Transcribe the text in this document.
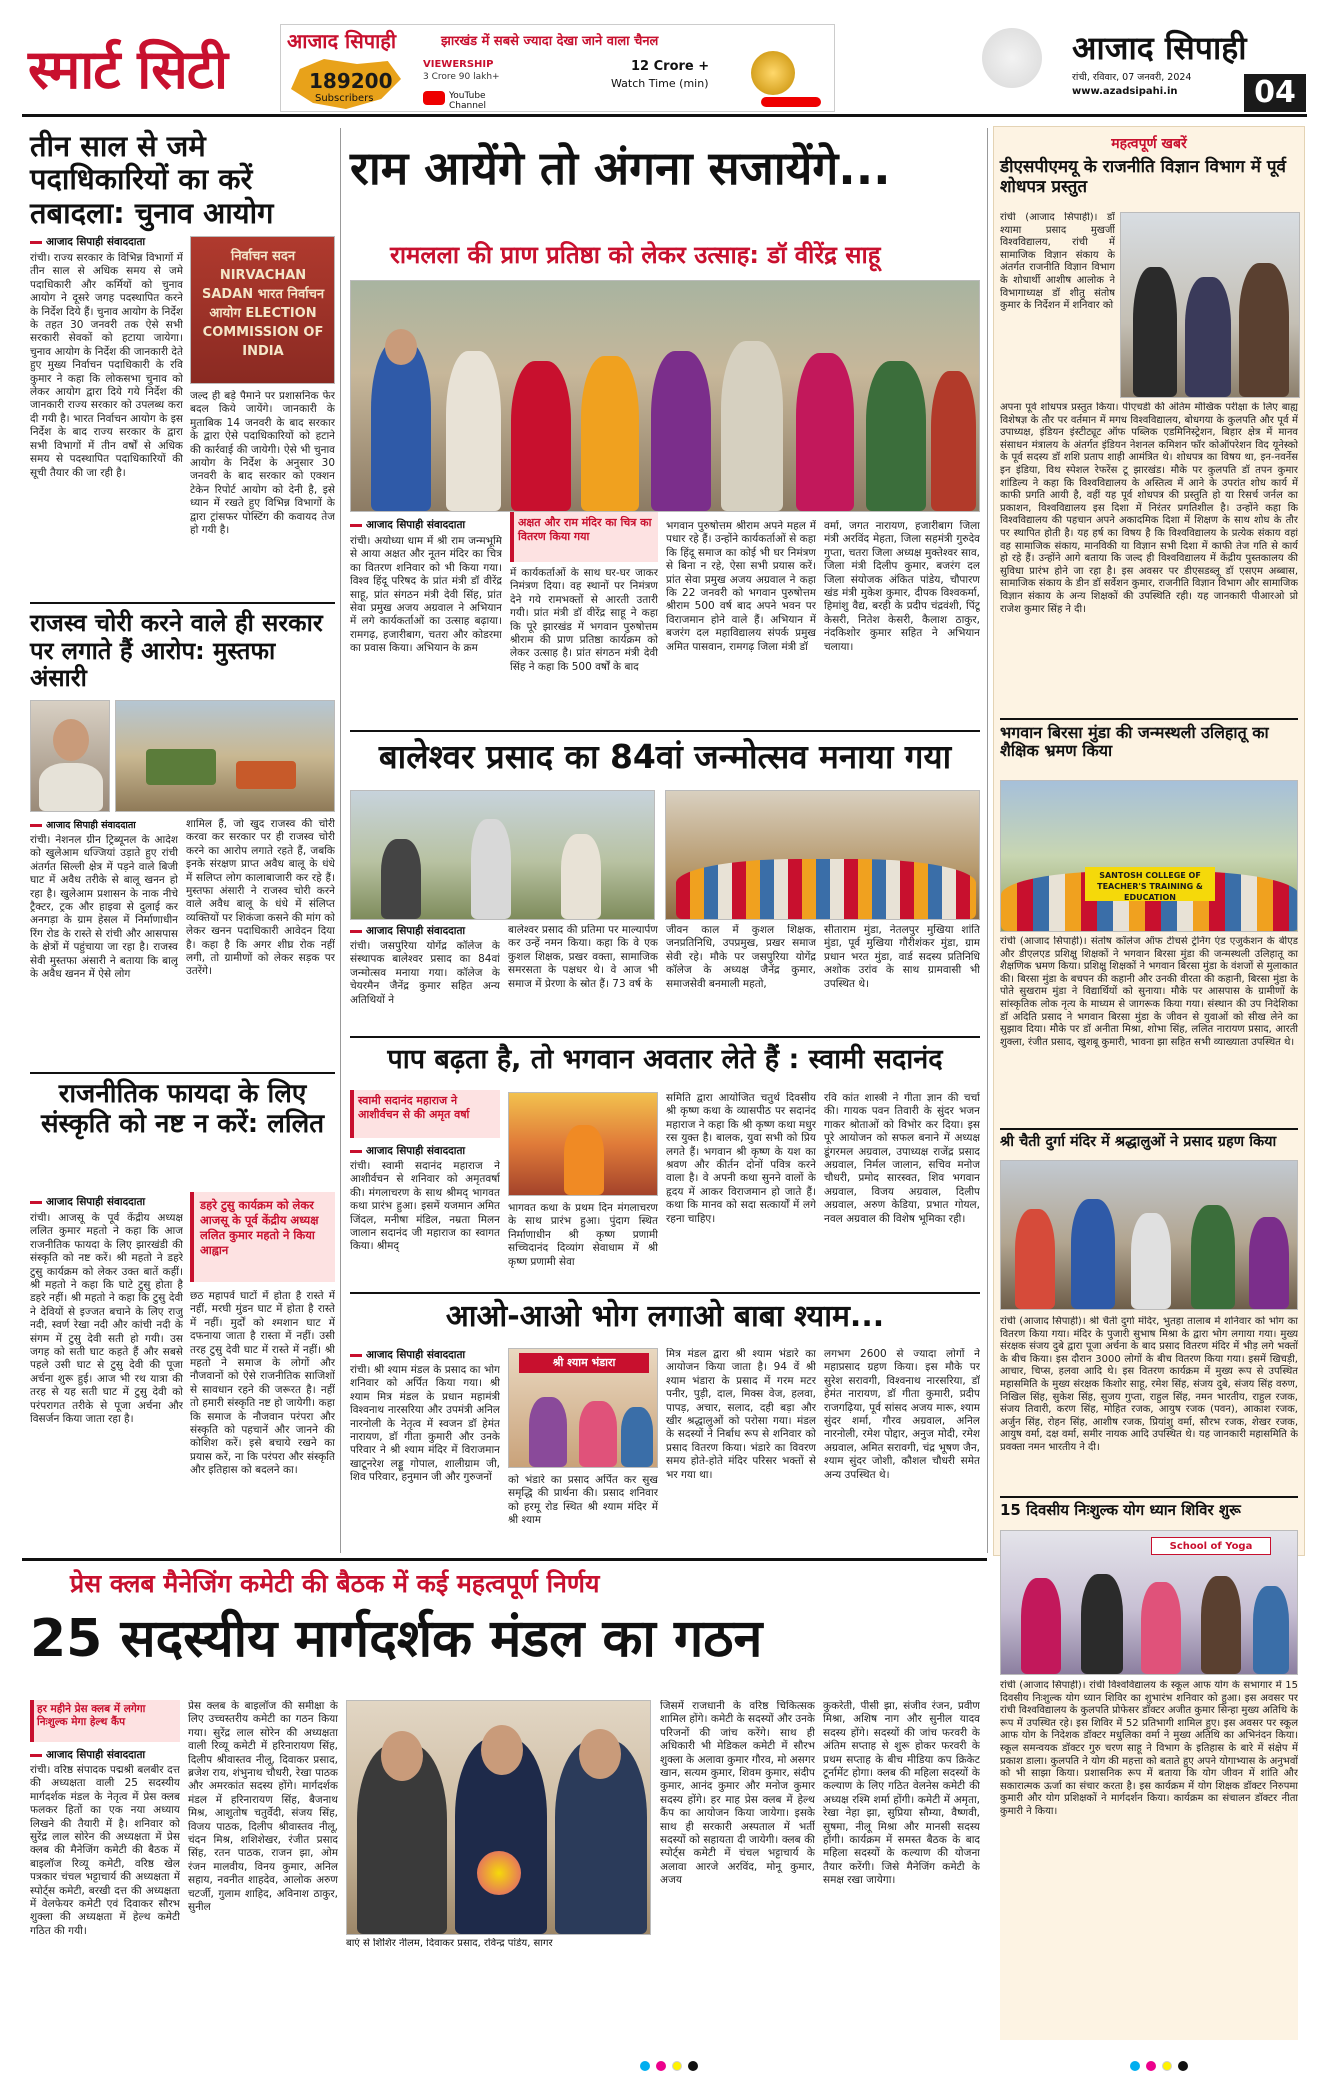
स्मार्ट सिटी	आजाद सिपाही	झारखंड में सबसे ज्यादा देखा जाने वाला चैनल
189200
Subscribers
VIEWERSHIP
3 Crore 90 lakh+
YouTube Channel
12 Crore +
Watch Time (min)
आजाद सिपाही
रांची, रविवार, 07 जनवरी, 2024
www.azadsipahi.in	04
तीन साल से जमे पदाधिकारियों का करें तबादला: चुनाव आयोग
आजाद सिपाही संवाददाता
रांची। राज्य सरकार के विभिन्न विभागों में तीन साल से अधिक समय से जमे पदाधिकारी और कर्मियों को चुनाव आयोग ने दूसरे जगह पदस्थापित करने के निर्देश दिये हैं। चुनाव आयोग के निर्देश के तहत 30 जनवरी तक ऐसे सभी सरकारी सेवकों को हटाया जायेगा। चुनाव आयोग के निर्देश की जानकारी देते हुए मुख्य निर्वाचन पदाधिकारी के रवि कुमार ने कहा कि लोकसभा चुनाव को लेकर आयोग द्वारा दिये गये निर्देश की जानकारी राज्य सरकार को उपलब्ध करा दी गयी है। भारत निर्वाचन आयोग के इस निर्देश के बाद राज्य सरकार के द्वारा सभी विभागों में तीन वर्षों से अधिक समय से पदस्थापित पदाधिकारियों की सूची तैयार की जा रही है।
निर्वाचन सदन NIRVACHAN SADAN भारत निर्वाचन आयोग ELECTION COMMISSION OF INDIA
जल्द ही बड़े पैमाने पर प्रशासनिक फेर बदल किये जायेंगे। जानकारी के मुताबिक 14 जनवरी के बाद सरकार के द्वारा ऐसे पदाधिकारियों को हटाने की कार्रवाई की जायेगी। ऐसे भी चुनाव आयोग के निर्देश के अनुसार 30 जनवरी के बाद सरकार को एक्शन टेकेन रिपोर्ट आयोग को देनी है, इसे ध्यान में रखते हुए विभिन्न विभागों के द्वारा ट्रांसफर पोस्टिंग की कवायद तेज हो गयी है।
राजस्व चोरी करने वाले ही सरकार पर लगाते हैं आरोप: मुस्तफा अंसारी
आजाद सिपाही संवाददाता
रांची। नेशनल ग्रीन ट्रिब्यूनल के आदेश को खुलेआम धज्जियां उड़ाते हुए रांची अंतर्गत सिल्ली क्षेत्र में पड़ने वाले बिजी घाट में अवैध तरीके से बालू खनन हो रहा है। खुलेआम प्रशासन के नाक नीचे ट्रैक्टर, ट्रक और हाइवा से दुलाई कर अनगड़ा के ग्राम हेसल में निर्माणाधीन रिंग रोड के रास्ते से रांची और आसपास के क्षेत्रों में पहुंचाया जा रहा है। राजस्व सेवी मुस्तफा अंसारी ने बताया कि बालू के अवैध खनन में ऐसे लोग
शामिल हैं, जो खुद राजस्व की चोरी करवा कर सरकार पर ही राजस्व चोरी करने का आरोप लगाते रहते हैं, जबकि इनके संरक्षण प्राप्त अवैध बालू के धंधे में सलिप्त लोग कालाबाजारी कर रहे हैं। मुस्तफा अंसारी ने राजस्व चोरी करने वाले अवैध बालू के धंधे में संलिप्त व्यक्तियों पर शिकंजा कसने की मांग को लेकर खनन पदाधिकारी आवेदन दिया है। कहा है कि अगर शीघ्र रोक नहीं लगी, तो ग्रामीणों को लेकर सड़क पर उतरेंगे।
राजनीतिक फायदा के लिए संस्कृति को नष्ट न करें: ललित
आजाद सिपाही संवाददाता
रांची। आजसू के पूर्व केंद्रीय अध्यक्ष ललित कुमार महतो ने कहा कि आज राजनीतिक फायदा के लिए झारखंडी की संस्कृति को नष्ट करें। श्री महतो ने डहरे टुसु कार्यक्रम को लेकर उक्त बातें कहीं। श्री महतो ने कहा कि घाटे टुसु होता है डहरे नहीं। श्री महतो ने कहा कि टुसु देवी ने देवियों से इज्जत बचाने के लिए राजु नदी, स्वर्ण रेखा नदी और कांची नदी के संगम में टुसु देवी सती हो गयी। उस जगह को सती घाट कहते हैं और सबसे पहले उसी घाट से टुसु देवी की पूजा अर्चना शुरू हुई। आज भी रथ यात्रा की तरह से यह सती घाट में टुसु देवी को परंपरागत तरीके से पूजा अर्चना और विसर्जन किया जाता रहा है।
डहरे टुसु कार्यक्रम को लेकर आजसू के पूर्व केंद्रीय अध्यक्ष ललित कुमार महतो ने किया आह्वान
छठ महापर्व घाटों में होता है रास्ते में नहीं, मरघी मुंडन घाट में होता है रास्ते में नहीं। मुर्दों को श्मशान घाट में दफनाया जाता है रास्ता में नहीं। उसी तरह टुसु देवी घाट में रास्ते में नहीं। श्री महतो ने समाज के लोगों और नौजवानों को ऐसे राजनीतिक साजिशों से सावधान रहने की जरूरत है। नहीं तो हमारी संस्कृति नष्ट हो जायेगी। कहा कि समाज के नौजवान परंपरा और संस्कृति को पहचानें और जानने की कोशिश करें। इसे बचाये रखने का प्रयास करें, ना कि परंपरा और संस्कृति और इतिहास को बदलने का।
राम आयेंगे तो अंगना सजायेंगे...
रामलला की प्राण प्रतिष्ठा को लेकर उत्साह: डॉ वीरेंद्र साहू
आजाद सिपाही संवाददाता	अक्षत और राम मंदिर का चित्र का वितरण किया गया
रांची। अयोध्या धाम में श्री राम जन्मभूमि से आया अक्षत और नूतन मंदिर का चित्र का वितरण शनिवार को भी किया गया। विश्व हिंदू परिषद के प्रांत मंत्री डॉ वीरेंद्र साहू, प्रांत संगठन मंत्री देवी सिंह, प्रांत सेवा प्रमुख अजय अग्रवाल ने अभियान में लगे कार्यकर्ताओं का उत्साह बढ़ाया। रामगढ़, हजारीबाग, चतरा और कोडरमा का प्रवास किया। अभियान के क्रम
में कार्यकर्ताओं के साथ घर-घर जाकर निमंत्रण दिया। वह स्थानों पर निमंत्रण देने गये रामभक्तों से आरती उतारी गयी। प्रांत मंत्री डॉ वीरेंद्र साहू ने कहा कि पूरे झारखंड में भगवान पुरुषोत्तम श्रीराम की प्राण प्रतिष्ठा कार्यक्रम को लेकर उत्साह है। प्रांत संगठन मंत्री देवी सिंह ने कहा कि 500 वर्षों के बाद
भगवान पुरुषोत्तम श्रीराम अपने महल में पधार रहे हैं। उन्होंने कार्यकर्ताओं से कहा कि हिंदू समाज का कोई भी घर निमंत्रण से बिना न रहे, ऐसा सभी प्रयास करें। प्रांत सेवा प्रमुख अजय अग्रवाल ने कहा कि 22 जनवरी को भगवान पुरुषोत्तम श्रीराम 500 वर्ष बाद अपने भवन पर विराजमान होने वाले हैं। अभियान में बजरंग दल महाविद्यालय संपर्क प्रमुख अमित पासवान, रामगढ़ जिला मंत्री डॉ
वर्मा, जगत नारायण, हजारीबाग जिला मंत्री अरविंद मेहता, जिला सहमंत्री गुरुदेव गुप्ता, चतरा जिला अध्यक्ष मुक्तेश्वर साव, जिला मंत्री दिलीप कुमार, बजरंग दल जिला संयोजक अंकित पांडेय, चौपारण खंड मंत्री मुकेश कुमार, दीपक विश्वकर्मा, हिमांशु वैद्य, बरही के प्रदीप चंद्रवंशी, पिंटू केसरी, नितेश केसरी, कैलाश ठाकुर, नंदकिशोर कुमार सहित ने अभियान चलाया।
बालेश्वर प्रसाद का 84वां जन्मोत्सव मनाया गया
आजाद सिपाही संवाददाता
रांची। जसपुरिया योगेंद्र कॉलेज के संस्थापक बालेश्वर प्रसाद का 84वां जन्मोत्सव मनाया गया। कॉलेज के चेयरमैन जैनेंद्र कुमार सहित अन्य अतिथियों ने
बालेश्वर प्रसाद की प्रतिमा पर माल्यार्पण कर उन्हें नमन किया। कहा कि वे एक कुशल शिक्षक, प्रखर वक्ता, सामाजिक समरसता के पक्षधर थे। वे आज भी समाज में प्रेरणा के स्रोत हैं। 73 वर्ष के
जीवन काल में कुशल शिक्षक, जनप्रतिनिधि, उपप्रमुख, प्रखर समाज सेवी रहे। मौके पर जसपुरिया योगेंद्र कॉलेज के अध्यक्ष जैनेंद्र कुमार, समाजसेवी बनमाली महतो,
सीताराम मुंडा, नेतलपुर मुखिया शांति मुंडा, पूर्व मुखिया गौरीशंकर मुंडा, ग्राम प्रधान भरत मुंडा, वार्ड सदस्य प्रतिनिधि अशोक उरांव के साथ ग्रामवासी भी उपस्थित थे।
पाप बढ़ता है, तो भगवान अवतार लेते हैं : स्वामी सदानंद
स्वामी सदानंद महाराज ने आशीर्वचन से की अमृत वर्षा
आजाद सिपाही संवाददाता
रांची। स्वामी सदानंद महाराज ने आशीर्वचन से शनिवार को अमृतवर्षा की। मंगलाचरण के साथ श्रीमद् भागवत कथा प्रारंभ हुआ। इसमें यजमान अमित जिंदल, मनीषा मंडिल, नम्रता मिलन जालान सदानंद जी महाराज का स्वागत किया। श्रीमद्
भागवत कथा के प्रथम दिन मंगलाचरण के साथ प्रारंभ हुआ। पुंदाग स्थित निर्माणाधीन श्री कृष्ण प्रणामी सच्चिदानंद दिव्यांग सेवाधाम में श्री कृष्ण प्रणामी सेवा
समिति द्वारा आयोजित चतुर्थ दिवसीय श्री कृष्ण कथा के व्यासपीठ पर सदानंद महाराज ने कहा कि श्री कृष्ण कथा मधुर रस युक्त है। बालक, युवा सभी को प्रिय लगते हैं। भगवान श्री कृष्ण के यश का श्रवण और कीर्तन दोनों पवित्र करने वाला है। वे अपनी कथा सुनने वालों के हृदय में आकर विराजमान हो जाते हैं। कथा कि मानव को सदा सत्कार्यों में लगे रहना चाहिए।
रवि कांत शास्त्री ने गीता ज्ञान की चर्चा की। गायक पवन तिवारी के सुंदर भजन गाकर श्रोताओं को विभोर कर दिया। इस पूरे आयोजन को सफल बनाने में अध्यक्ष डूंगरमल अग्रवाल, उपाध्यक्ष राजेंद्र प्रसाद अग्रवाल, निर्मल जालान, सचिव मनोज चौधरी, प्रमोद सारस्वत, शिव भगवान अग्रवाल, विजय अग्रवाल, दिलीप अग्रवाल, अरुण केडिया, प्रभात गोयल, नवल अग्रवाल की विशेष भूमिका रही।
आओ-आओ भोग लगाओ बाबा श्याम...
आजाद सिपाही संवाददाता
रांची। श्री श्याम मंडल के प्रसाद का भोग शनिवार को अर्पित किया गया। श्री श्याम मित्र मंडल के प्रधान महामंत्री विश्वनाथ नारसरिया और उपमंत्री अनिल नारनोली के नेतृत्व में स्वजन डॉ हेमंत नारायण, डॉ गीता कुमारी और उनके परिवार ने श्री श्याम मंदिर में विराजमान खाटूनरेश लड्डू गोपाल, शालीग्राम जी, शिव परिवार, हनुमान जी और गुरुजनों
श्री श्याम भंडारा
को भंडारे का प्रसाद अर्पित कर सुख समृद्धि की प्रार्थना की। प्रसाद शनिवार को हरमू रोड स्थित श्री श्याम मंदिर में श्री श्याम
मित्र मंडल द्वारा श्री श्याम भंडारे का आयोजन किया जाता है। 94 वें श्री श्याम भंडारा के प्रसाद में गरम मटर पनीर, पुड़ी, दाल, मिक्स वेज, हलवा, पापड़, अचार, सलाद, दही बड़ा और खीर श्रद्धालुओं को परोसा गया। मंडल के सदस्यों ने निर्बाध रूप से शनिवार को प्रसाद वितरण किया। भंडारे का विवरण समय होते-होते मंदिर परिसर भक्तों से भर गया था।
लगभग 2600 से ज्यादा लोगों ने महाप्रसाद ग्रहण किया। इस मौके पर सुरेश सरावगी, विश्वनाथ नारसरिया, डॉ हेमंत नारायण, डॉ गीता कुमारी, प्रदीप राजगढ़िया, पूर्व सांसद अजय मारू, श्याम सुंदर शर्मा, गौरव अग्रवाल, अनिल नारनोली, रमेश पोद्दार, अनुज मोदी, रमेश अग्रवाल, अमित सरावगी, चंद्र भूषण जैन, श्याम सुंदर जोशी, कौशल चौधरी समेत अन्य उपस्थित थे।
महत्वपूर्ण खबरें
डीएसपीएमयू के राजनीति विज्ञान विभाग में पूर्व शोधपत्र प्रस्तुत
रांची (आजाद सिपाही)। डॉ श्यामा प्रसाद मुखर्जी विश्वविद्यालय, रांची में सामाजिक विज्ञान संकाय के अंतर्गत राजनीति विज्ञान विभाग के शोधार्थी आशीष आलोक ने विभागाध्यक्ष डॉ शीतु संतोष कुमार के निर्देशन में शनिवार को
अपना पूर्व शोधपत्र प्रस्तुत किया। पीएचडी की अंतिम मौखिक परीक्षा के लिए बाह्य विशेषज्ञ के तौर पर वर्तमान में मगध विश्वविद्यालय, बोधगया के कुलपति और पूर्व में उपाध्यक्ष, इंडियन इंस्टीट्यूट ऑफ पब्लिक एडमिनिस्ट्रेशन, बिहार क्षेत्र में मानव संसाधन मंत्रालय के अंतर्गत इंडियन नेशनल कमिशन फॉर कोऑपरेशन विद यूनेस्को के पूर्व सदस्य डॉ शशि प्रताप शाही आमंत्रित थे। शोधपत्र का विषय था, इन-नवर्नेस इन इंडिया, विथ स्पेशल रेफरेंस टू झारखंड। मौके पर कुलपति डॉ तपन कुमार शांडिल्य ने कहा कि विश्वविद्यालय के अस्तित्व में आने के उपरांत शोध कार्य में काफी प्रगति आयी है, वहीं यह पूर्व शोधपत्र की प्रस्तुति हो या रिसर्च जर्नल का प्रकाशन, विश्वविद्यालय इस दिशा में निरंतर प्रगतिशील है। उन्होंने कहा कि विश्वविद्यालय की पहचान अपने अकादमिक दिशा में शिक्षण के साथ शोध के तौर पर स्थापित होती है। यह हर्ष का विषय है कि विश्वविद्यालय के प्रत्येक संकाय वहां वह सामाजिक संकाय, मानविकी या विज्ञान सभी दिशा में काफी तेज गति से कार्य हो रहे हैं। उन्होंने आगे बताया कि जल्द ही विश्वविद्यालय में केंद्रीय पुस्तकालय की सुविधा प्रारंभ होने जा रहा है। इस अवसर पर डीएसडब्लू डॉ एसएम अब्बास, सामाजिक संकाय के डीन डॉ सर्वेशन कुमार, राजनीति विज्ञान विभाग और सामाजिक विज्ञान संकाय के अन्य शिक्षकों की उपस्थिति रही। यह जानकारी पीआरओ प्रो राजेश कुमार सिंह ने दी।
भगवान बिरसा मुंडा की जन्मस्थली उलिहातू का शैक्षिक भ्रमण किया
SANTOSH COLLEGE OF TEACHER'S TRAINING & EDUCATION
रांची (आजाद सिपाही)। संतोष कॉलेज ऑफ टीचर्स ट्रेनिंग एंड एजुकेशन के बीएड और डीएलएड प्रशिक्षु शिक्षकों ने भगवान बिरसा मुंडा की जन्मस्थली उलिहातू का शैक्षणिक भ्रमण किया। प्रशिक्षु शिक्षकों ने भगवान बिरसा मुंडा के वंशजों से मुलाकात की। बिरसा मुंडा के बचपन की कहानी और उनकी वीरता की कहानी, बिरसा मुंडा के पोते सुखराम मुंडा ने विद्यार्थियों को सुनाया। मौके पर आसपास के ग्रामीणों के सांस्कृतिक लोक नृत्य के माध्यम से जागरूक किया गया। संस्थान की उप निदेशिका डॉ अदिति प्रसाद ने भगवान बिरसा मुंडा के जीवन से युवाओं को सीख लेने का सुझाव दिया। मौके पर डॉ अनीता मिश्रा, शोभा सिंह, ललित नारायण प्रसाद, आरती शुक्ला, रंजीत प्रसाद, खुशबू कुमारी, भावना झा सहित सभी व्याख्याता उपस्थित थे।
श्री चैती दुर्गा मंदिर में श्रद्धालुओं ने प्रसाद ग्रहण किया
रांची (आजाद सिपाही)। श्री चैती दुर्गा मंदिर, भुतहा तालाब में शनिवार को भोग का वितरण किया गया। मंदिर के पुजारी सुभाष मिश्रा के द्वारा भोग लगाया गया। मुख्य संरक्षक संजय दुबे द्वारा पूजा अर्चना के बाद प्रसाद वितरण मंदिर में भीड़ लगे भक्तों के बीच किया। इस दौरान 3000 लोगों के बीच वितरण किया गया। इसमें खिचड़ी, आचार, चिप्स, हलवा आदि थे। इस वितरण कार्यक्रम में मुख्य रूप से उपस्थित महासमिति के मुख्य संरक्षक किशोर साहू, रमेश सिंह, संजय दुबे, संजय सिंह वरुण, निखिल सिंह, सुकेश सिंह, सुजय गुप्ता, राहुल सिंह, नमन भारतीय, राहुल रजक, संजय तिवारी, करण सिंह, मोहित रजक, आयुष रजक (पवन), आकाश रजक, अर्जुन सिंह, रोहन सिंह, आशीष रजक, प्रियांशु वर्मा, सौरभ रजक, शेखर रजक, आयुष वर्मा, दक्ष वर्मा, समीर नायक आदि उपस्थित थे। यह जानकारी महासमिति के प्रवक्ता नमन भारतीय ने दी।
15 दिवसीय निःशुल्क योग ध्यान शिविर शुरू
School of Yoga
रांची (आजाद सिपाही)। रांची विश्वविद्यालय के स्कूल आफ योग के सभागार में 15 दिवसीय निःशुल्क योग ध्यान शिविर का शुभारंभ शनिवार को हुआ। इस अवसर पर रांची विश्वविद्यालय के कुलपति प्रोफेसर डॉक्टर अजीत कुमार सिन्हा मुख्य अतिथि के रूप में उपस्थित रहे। इस शिविर में 52 प्रतिभागी शामिल हुए। इस अवसर पर स्कूल आफ योग के निदेशक डॉक्टर मधुलिका वर्मा ने मुख्य अतिथि का अभिनंदन किया। स्कूल समन्वयक डॉक्टर गुरु चरण साहू ने विभाग के इतिहास के बारे में संक्षेप में प्रकाश डाला। कुलपति ने योग की महत्ता को बताते हुए अपने योगाभ्यास के अनुभवों को भी साझा किया। प्रशासनिक रूप में बताया कि योग जीवन में शांति और सकारात्मक ऊर्जा का संचार करता है। इस कार्यक्रम में योग शिक्षक डॉक्टर निरुपमा कुमारी और योग प्रशिक्षकों ने मार्गदर्शन किया। कार्यक्रम का संचालन डॉक्टर नीता कुमारी ने किया।
प्रेस क्लब मैनेजिंग कमेटी की बैठक में कई महत्वपूर्ण निर्णय
25 सदस्यीय मार्गदर्शक मंडल का गठन
हर महीने प्रेस क्लब में लगेगा निःशुल्क मेगा हेल्थ कैंप
आजाद सिपाही संवाददाता
रांची। वरिष्ठ संपादक पद्मश्री बलबीर दत्त की अध्यक्षता वाली 25 सदस्यीय मार्गदर्शक मंडल के नेतृत्व में प्रेस क्लब फलकर हितों का एक नया अध्याय लिखने की तैयारी में है। शनिवार को सुरेंद्र लाल सोरेन की अध्यक्षता में प्रेस क्लब की मैनेजिंग कमेटी की बैठक में बाइलॉज रिव्यू कमेटी, वरिष्ठ खेल पत्रकार चंचल भट्टाचार्य की अध्यक्षता में स्पोर्ट्स कमेटी, बरखी दत्त की अध्यक्षता में वेलफेयर कमेटी एवं दिवाकर सौरभ शुक्ला की अध्यक्षता में हेल्थ कमेटी गठित की गयी।
प्रेस क्लब के बाइलॉज की समीक्षा के लिए उच्चस्तरीय कमेटी का गठन किया गया। सुरेंद्र लाल सोरेन की अध्यक्षता वाली रिव्यू कमेटी में हरिनारायण सिंह, दिलीप श्रीवास्तव नीलू, दिवाकर प्रसाद, ब्रजेश राय, शंभुनाथ चौधरी, रेखा पाठक और अमरकांत सदस्य होंगे। मार्गदर्शक मंडल में हरिनारायण सिंह, बैजनाथ मिश्र, आशुतोष चतुर्वेदी, संजय सिंह, विजय पाठक, दिलीप श्रीवास्तव नीलू, चंदन मिश्र, शशिशेखर, रंजीत प्रसाद सिंह, रतन पाठक, राजन झा, ओम रंजन मालवीय, विनय कुमार, अनिल सहाय, नवनीत शाहदेव, आलोक अरुण चटर्जी, गुलाम शाहिद, अविनाश ठाकुर, सुनील
बाएं से शिशिर नीलम, दिवाकर प्रसाद, रविन्द्र पांडेय, सागर
जिसमें राजधानी के वरिष्ठ चिकित्सक शामिल होंगे। कमेटी के सदस्यों और उनके परिजनों की जांच करेंगे। साथ ही अधिकारी भी मेडिकल कमेटी में सौरभ शुक्ला के अलावा कुमार गौरव, मो असगर खान, सत्यम कुमार, शिवम कुमार, संदीप कुमार, आनंद कुमार और मनोज कुमार सदस्य होंगे। हर माह प्रेस क्लब में हेल्थ कैंप का आयोजन किया जायेगा। इसके साथ ही सरकारी अस्पताल में भर्ती सदस्यों को सहायता दी जायेगी। क्लब की स्पोर्ट्स कमेटी में चंचल भट्टाचार्य के अलावा आरजे अरविंद, मोनू कुमार, अजय
कुकरेती, पीसी झा, संजीव रंजन, प्रवीण मिश्रा, अशिष नाग और सुनील यादव सदस्य होंगे। सदस्यों की जांच फरवरी के अंतिम सप्ताह से शुरू होकर फरवरी के प्रथम सप्ताह के बीच मीडिया कप क्रिकेट टूर्नामेंट होगा। क्लब की महिला सदस्यों के कल्याण के लिए गठित वेलनेस कमेटी की अध्यक्ष रश्मि शर्मा होंगी। कमेटी में अमृता, रेखा नेहा झा, सुप्रिया सौम्या, वैष्णवी, सुषमा, नीलू मिश्रा और मानसी सदस्य होंगी। कार्यक्रम में समस्त बैठक के बाद महिला सदस्यों के कल्याण की योजना तैयार करेंगी। जिसे मैनेजिंग कमेटी के समक्ष रखा जायेगा।
